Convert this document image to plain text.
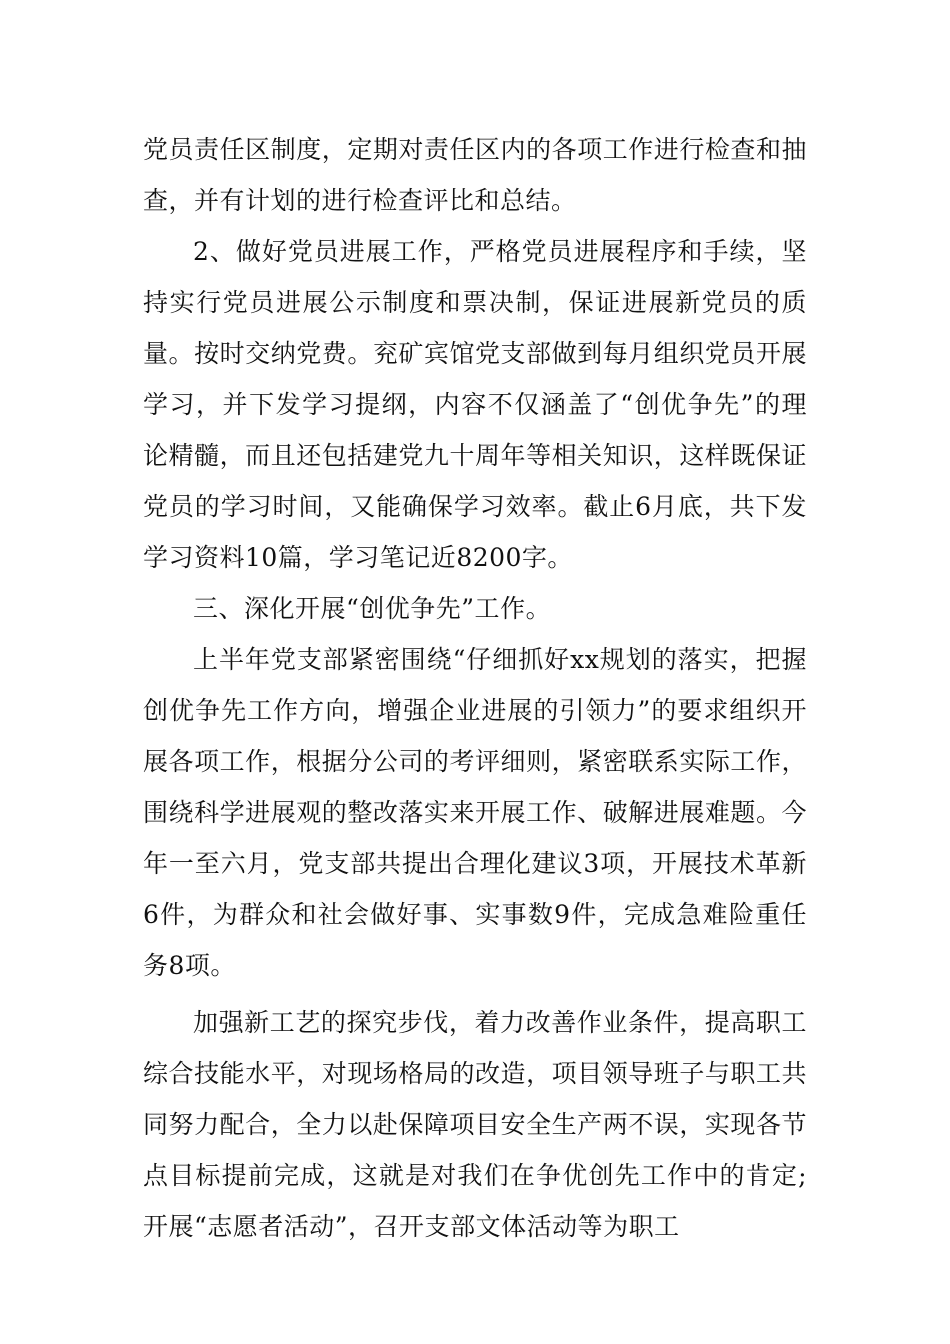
党员责任区制度，定期对责任区内的各项工作进行检查和抽查，并有计划的进行检查评比和总结。

2、做好党员进展工作，严格党员进展程序和手续，坚持实行党员进展公示制度和票决制，保证进展新党员的质量。按时交纳党费。兖矿宾馆党支部做到每月组织党员开展学习，并下发学习提纲，内容不仅涵盖了“创优争先”的理论精髓，而且还包括建党九十周年等相关知识，这样既保证党员的学习时间，又能确保学习效率。截止6月底，共下发学习资料10篇，学习笔记近8200字。

三、深化开展“创优争先”工作。

上半年党支部紧密围绕“仔细抓好xx规划的落实，把握创优争先工作方向，增强企业进展的引领力”的要求组织开展各项工作，根据分公司的考评细则，紧密联系实际工作，围绕科学进展观的整改落实来开展工作、破解进展难题。今年一至六月，党支部共提出合理化建议3项，开展技术革新6件，为群众和社会做好事、实事数9件，完成急难险重任务8项。

加强新工艺的探究步伐，着力改善作业条件，提高职工综合技能水平，对现场格局的改造，项目领导班子与职工共同努力配合，全力以赴保障项目安全生产两不误，实现各节点目标提前完成，这就是对我们在争优创先工作中的肯定;开展“志愿者活动”，召开支部文体活动等为职工
